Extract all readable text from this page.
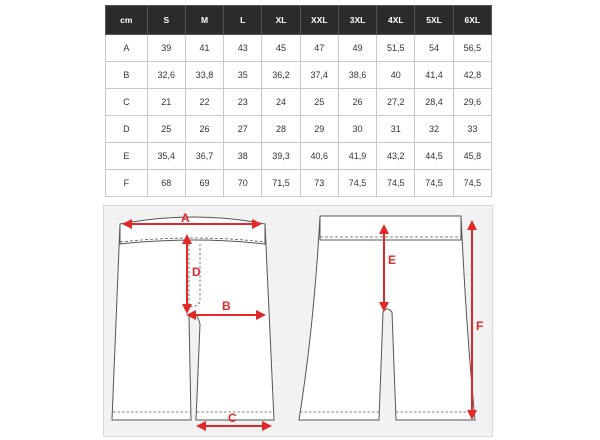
cm	S	M	L	XL	XXL	3XL	4XL	5XL	6XL
A	39	41	43	45	47	49	51,5	54	56,5
B	32,6	33,8	35	36,2	37,4	38,6	40	41,4	42,8
C	21	22	23	24	25	26	27,2	28,4	29,6
D	25	26	27	28	29	30	31	32	33
E	35,4	36,7	38	39,3	40,6	41,9	43,2	44,5	45,8
F	68	69	70	71,5	73	74,5	74,5	74,5	74,5
A
D
B
C
E
F
